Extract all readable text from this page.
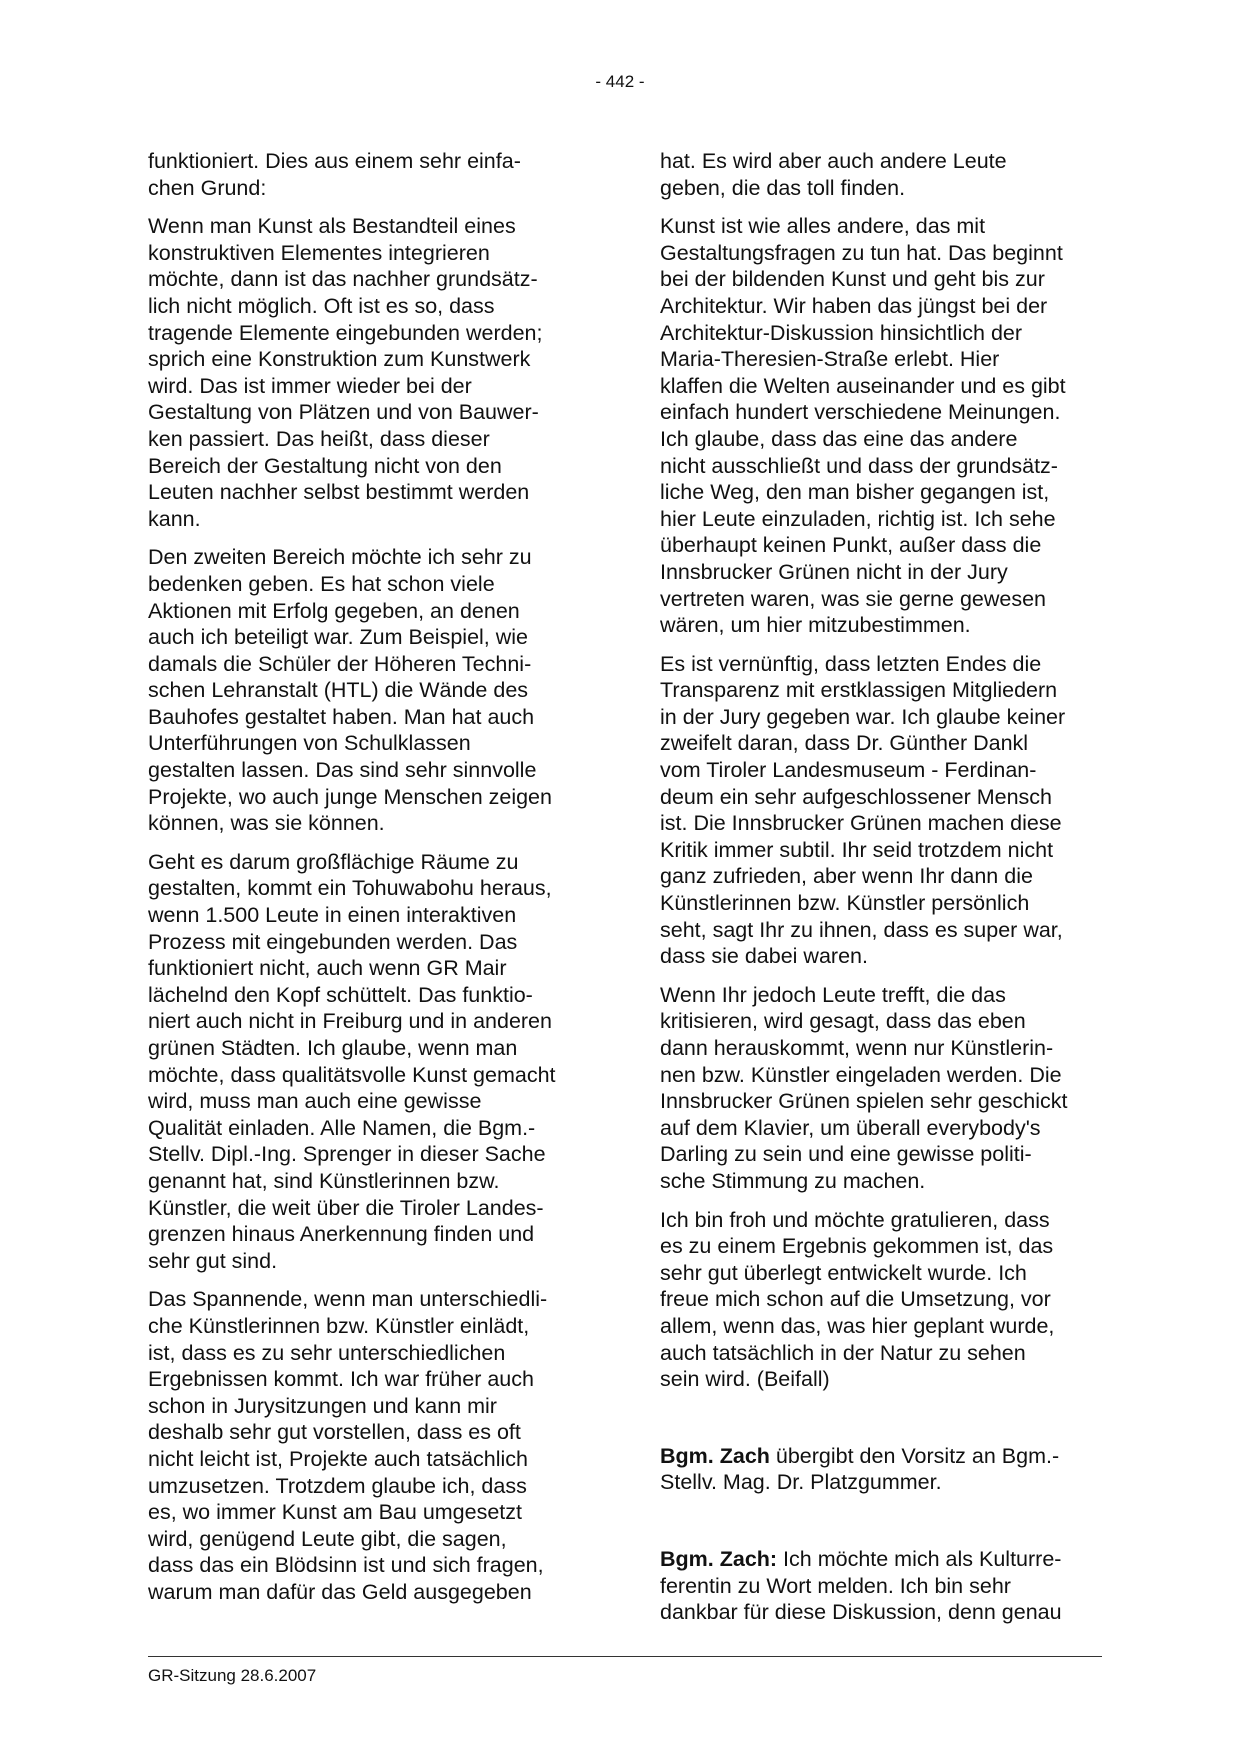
- 442 -
funktioniert. Dies aus einem sehr einfa-
chen Grund:
Wenn man Kunst als Bestandteil eines
konstruktiven Elementes integrieren
möchte, dann ist das nachher grundsätz-
lich nicht möglich. Oft ist es so, dass
tragende Elemente eingebunden werden;
sprich eine Konstruktion zum Kunstwerk
wird. Das ist immer wieder bei der
Gestaltung von Plätzen und von Bauwer-
ken passiert. Das heißt, dass dieser
Bereich der Gestaltung nicht von den
Leuten nachher selbst bestimmt werden
kann.
Den zweiten Bereich möchte ich sehr zu
bedenken geben. Es hat schon viele
Aktionen mit Erfolg gegeben, an denen
auch ich beteiligt war. Zum Beispiel, wie
damals die Schüler der Höheren Techni-
schen Lehranstalt (HTL) die Wände des
Bauhofes gestaltet haben. Man hat auch
Unterführungen von Schulklassen
gestalten lassen. Das sind sehr sinnvolle
Projekte, wo auch junge Menschen zeigen
können, was sie können.
Geht es darum großflächige Räume zu
gestalten, kommt ein Tohuwabohu heraus,
wenn 1.500 Leute in einen interaktiven
Prozess mit eingebunden werden. Das
funktioniert nicht, auch wenn GR Mair
lächelnd den Kopf schüttelt. Das funktio-
niert auch nicht in Freiburg und in anderen
grünen Städten. Ich glaube, wenn man
möchte, dass qualitätsvolle Kunst gemacht
wird, muss man auch eine gewisse
Qualität einladen. Alle Namen, die Bgm.-
Stellv. Dipl.-Ing. Sprenger in dieser Sache
genannt hat, sind Künstlerinnen bzw.
Künstler, die weit über die Tiroler Landes-
grenzen hinaus Anerkennung finden und
sehr gut sind.
Das Spannende, wenn man unterschiedli-
che Künstlerinnen bzw. Künstler einlädt,
ist, dass es zu sehr unterschiedlichen
Ergebnissen kommt. Ich war früher auch
schon in Jurysitzungen und kann mir
deshalb sehr gut vorstellen, dass es oft
nicht leicht ist, Projekte auch tatsächlich
umzusetzen. Trotzdem glaube ich, dass
es, wo immer Kunst am Bau umgesetzt
wird, genügend Leute gibt, die sagen,
dass das ein Blödsinn ist und sich fragen,
warum man dafür das Geld ausgegeben
hat. Es wird aber auch andere Leute
geben, die das toll finden.
Kunst ist wie alles andere, das mit
Gestaltungsfragen zu tun hat. Das beginnt
bei der bildenden Kunst und geht bis zur
Architektur. Wir haben das jüngst bei der
Architektur-Diskussion hinsichtlich der
Maria-Theresien-Straße erlebt. Hier
klaffen die Welten auseinander und es gibt
einfach hundert verschiedene Meinungen.
Ich glaube, dass das eine das andere
nicht ausschließt und dass der grundsätz-
liche Weg, den man bisher gegangen ist,
hier Leute einzuladen, richtig ist. Ich sehe
überhaupt keinen Punkt, außer dass die
Innsbrucker Grünen nicht in der Jury
vertreten waren, was sie gerne gewesen
wären, um hier mitzubestimmen.
Es ist vernünftig, dass letzten Endes die
Transparenz mit erstklassigen Mitgliedern
in der Jury gegeben war. Ich glaube keiner
zweifelt daran, dass Dr. Günther Dankl
vom Tiroler Landesmuseum - Ferdinan-
deum ein sehr aufgeschlossener Mensch
ist. Die Innsbrucker Grünen machen diese
Kritik immer subtil. Ihr seid trotzdem nicht
ganz zufrieden, aber wenn Ihr dann die
Künstlerinnen bzw. Künstler persönlich
seht, sagt Ihr zu ihnen, dass es super war,
dass sie dabei waren.
Wenn Ihr jedoch Leute trefft, die das
kritisieren, wird gesagt, dass das eben
dann herauskommt, wenn nur Künstlerin-
nen bzw. Künstler eingeladen werden. Die
Innsbrucker Grünen spielen sehr geschickt
auf dem Klavier, um überall everybody's
Darling zu sein und eine gewisse politi-
sche Stimmung zu machen.
Ich bin froh und möchte gratulieren, dass
es zu einem Ergebnis gekommen ist, das
sehr gut überlegt entwickelt wurde. Ich
freue mich schon auf die Umsetzung, vor
allem, wenn das, was hier geplant wurde,
auch tatsächlich in der Natur zu sehen
sein wird. (Beifall)
Bgm. Zach übergibt den Vorsitz an Bgm.-
Stellv. Mag. Dr. Platzgummer.
Bgm. Zach: Ich möchte mich als Kulturre-
ferentin zu Wort melden. Ich bin sehr
dankbar für diese Diskussion, denn genau
GR-Sitzung 28.6.2007
